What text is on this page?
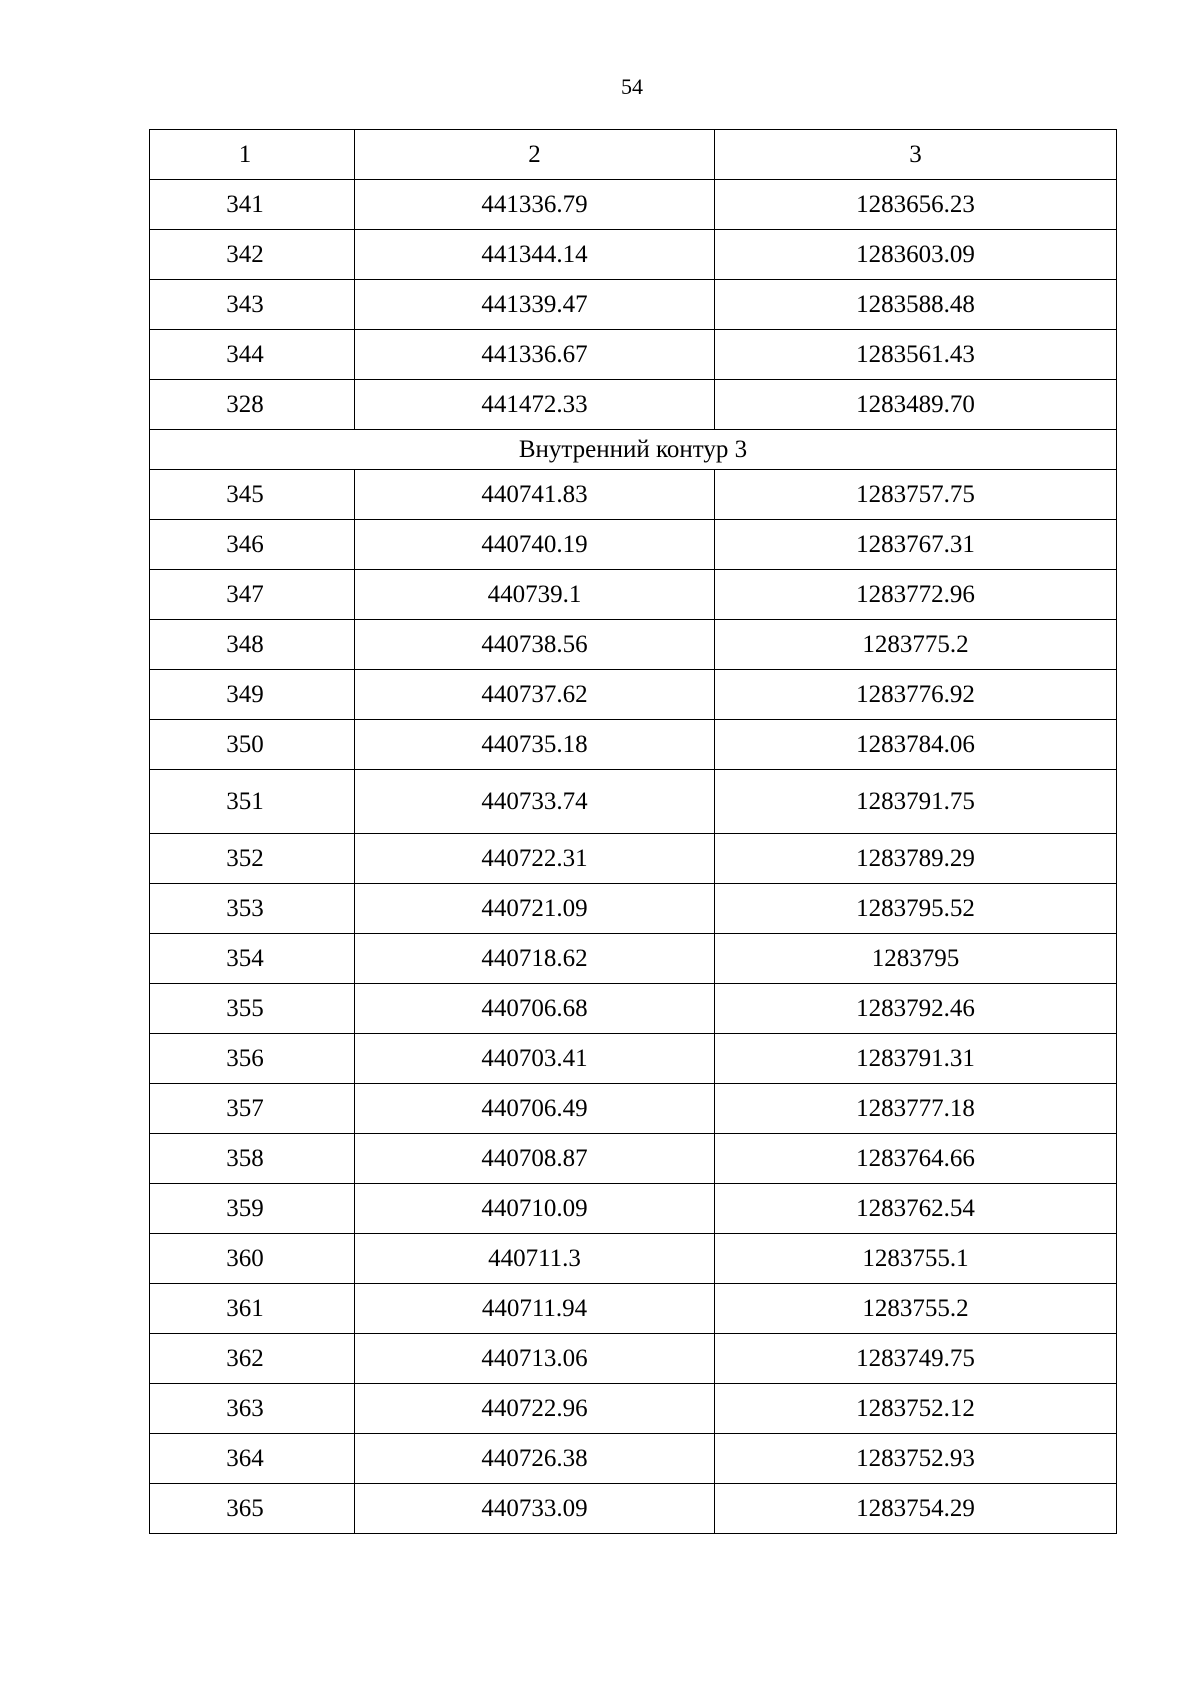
54
1	2	3
341	441336.79	1283656.23
342	441344.14	1283603.09
343	441339.47	1283588.48
344	441336.67	1283561.43
328	441472.33	1283489.70
Внутренний контур 3		
345	440741.83	1283757.75
346	440740.19	1283767.31
347	440739.1	1283772.96
348	440738.56	1283775.2
349	440737.62	1283776.92
350	440735.18	1283784.06
351	440733.74	1283791.75
352	440722.31	1283789.29
353	440721.09	1283795.52
354	440718.62	1283795
355	440706.68	1283792.46
356	440703.41	1283791.31
357	440706.49	1283777.18
358	440708.87	1283764.66
359	440710.09	1283762.54
360	440711.3	1283755.1
361	440711.94	1283755.2
362	440713.06	1283749.75
363	440722.96	1283752.12
364	440726.38	1283752.93
365	440733.09	1283754.29
